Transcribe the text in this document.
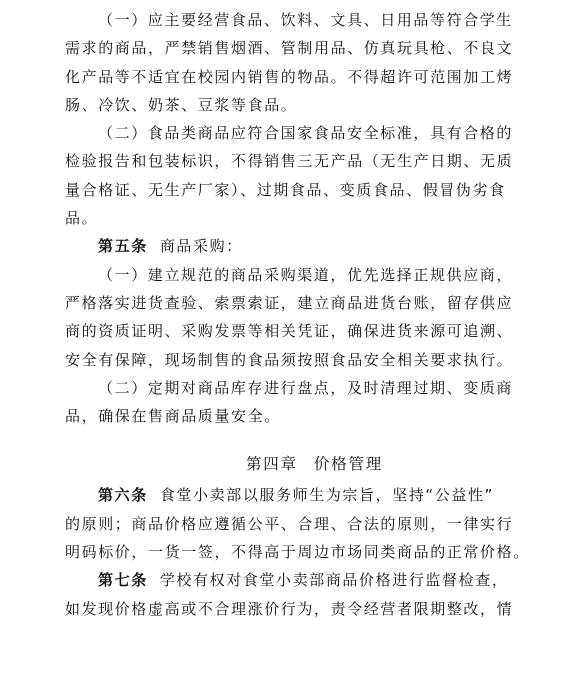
（一）应主要经营食品、饮料、文具、日用品等符合学生

需求的商品，严禁销售烟酒、管制用品、仿真玩具枪、不良文

化产品等不适宜在校园内销售的物品。不得超许可范围加工烤

肠、冷饮、奶茶、豆浆等食品。

（二）食品类商品应符合国家食品安全标准，具有合格的

检验报告和包装标识，不得销售三无产品（无生产日期、无质

量合格证、无生产厂家）、过期食品、变质食品、假冒伪劣食

品。

第五条 商品采购：

（一）建立规范的商品采购渠道，优先选择正规供应商，

严格落实进货查验、索票索证，建立商品进货台账，留存供应

商的资质证明、采购发票等相关凭证，确保进货来源可追溯、

安全有保障，现场制售的食品须按照食品安全相关要求执行。

（二）定期对商品库存进行盘点，及时清理过期、变质商

品，确保在售商品质量安全。

第四章 价格管理

第六条 食堂小卖部以服务师生为宗旨，坚持“公益性”

的原则；商品价格应遵循公平、合理、合法的原则，一律实行

明码标价，一货一签，不得高于周边市场同类商品的正常价格。

第七条 学校有权对食堂小卖部商品价格进行监督检查，

如发现价格虚高或不合理涨价行为，责令经营者限期整改，情
